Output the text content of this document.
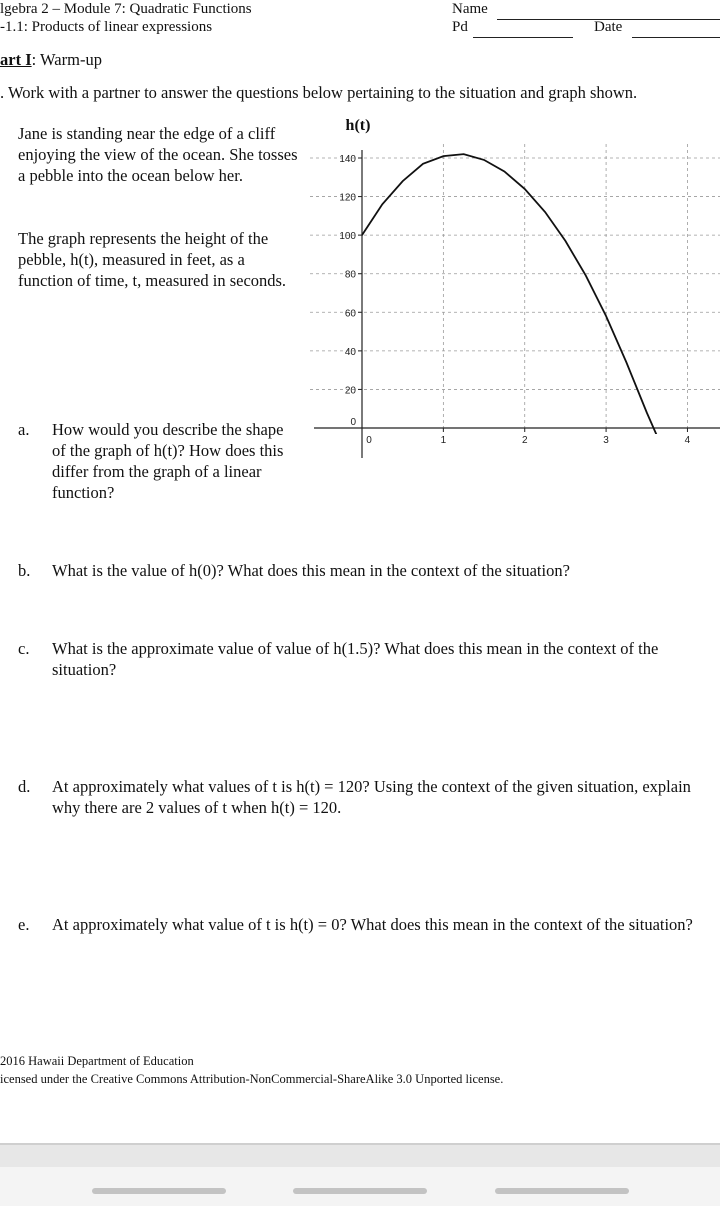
lgebra 2 – Module 7: Quadratic Functions
-1.1: Products of linear expressions
Name
Pd	Date
art I: Warm-up
. Work with a partner to answer the questions below pertaining to the situation and graph shown.
Jane is standing near the edge of a cliff enjoying the view of the ocean. She tosses a pebble into the ocean below her.
The graph represents the height of the pebble, h(t), measured in feet, as a function of time, t, measured in seconds.
20
40
60
80
100
120
140
0
0	1	2	3	4
h(t)
a. How would you describe the shape of the graph of h(t)? How does this differ from the graph of a linear function?
b. What is the value of h(0)? What does this mean in the context of the situation?
c. What is the approximate value of value of h(1.5)? What does this mean in the context of the situation?
d. At approximately what values of t is h(t) = 120? Using the context of the given situation, explain why there are 2 values of t when h(t) = 120.
e. At approximately what value of t is h(t) = 0? What does this mean in the context of the situation?
2016 Hawaii Department of Education
icensed under the Creative Commons Attribution-NonCommercial-ShareAlike 3.0 Unported license.
